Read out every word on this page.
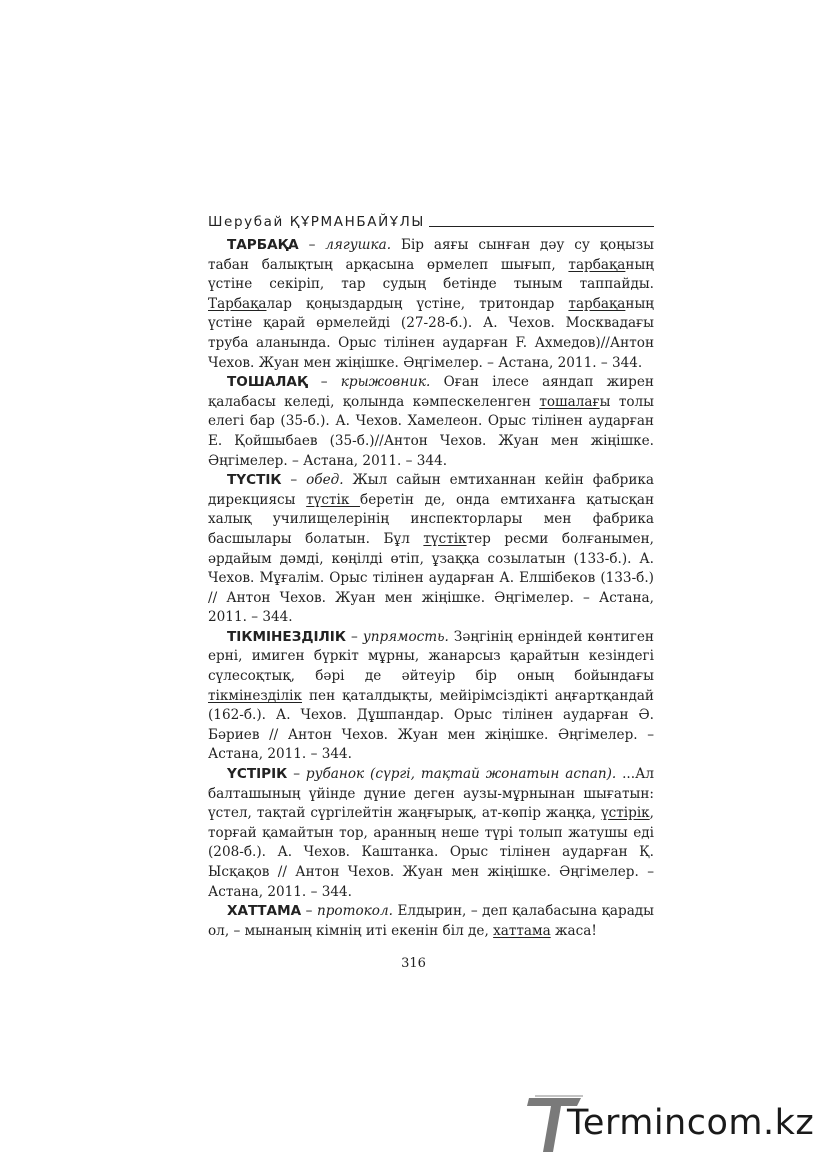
Шерубай ҚҰРМАНБАЙҰЛЫ

ТАРБАҚА – лягушка. Бір аяғы сынған дәу су қоңызы табан балықтың арқасына өрмелеп шығып, тарбақаның үстіне секіріп, тар судың бетінде тыным таппайды. Тарбақалар қоңыздардың үстіне, тритондар тарбақаның үстіне қарай өрмелейді (27-28-б.). А. Чехов. Москвадағы труба аланында. Орыс тілінен аударған F. Ахмедов)//Антон Чехов. Жуан мен жіңішке. Әңгімелер. – Астана, 2011. – 344.

ТОШАЛАҚ – крыжовник. Оған ілесе аяндап жирен қалабасы келеді, қолында кәмпескеленген тошалағы толы елегі бар (35-б.). А. Чехов. Хамелеон. Орыс тілінен аударған Е. Қойшыбаев (35-б.)//Антон Чехов. Жуан мен жіңішке. Әңгімелер. – Астана, 2011. – 344.

ТҮСТІК – обед. Жыл сайын емтиханнан кейін фабрика дирекциясы түстік беретін де, онда емтиханға қатысқан халық училищелерінің инспекторлары мен фабрика басшылары болатын. Бұл түстіктер ресми болғанымен, әрдайым дәмді, көңілді өтіп, ұзаққа созылатын (133-б.). А. Чехов. Мұғалім. Орыс тілінен аударған А. Елшібеков (133-б.) // Антон Чехов. Жуан мен жіңішке. Әңгімелер. – Астана, 2011. – 344.

ТІКМІНЕЗДІЛІК – упрямость. Зәңгінің ерніндей көнтиген ерні, имиген бүркіт мұрны, жанарсыз қарайтын кезіндегі сүлесоқтық, бәрі де әйтеуір бір оның бойындағы тікмінезділік пен қаталдықты, мейірімсіздікті аңғартқандай (162-б.). А. Чехов. Дұшпандар. Орыс тілінен аударған Ә. Бәриев // Антон Чехов. Жуан мен жіңішке. Әңгімелер. – Астана, 2011. – 344.

ҮСТІРІК – рубанок (сүргі, тақтай жонатын аспап). ...Ал балташының үйінде дүние деген аузы-мұрнынан шығатын: үстел, тақтай сүргілейтін жаңғырық, ат-көпір жаңқа, үстірік, торғай қамайтын тор, аранның неше түрі толып жатушы еді (208-б.). А. Чехов. Каштанка. Орыс тілінен аударған Қ. Ысқақов // Антон Чехов. Жуан мен жіңішке. Әңгімелер. – Астана, 2011. – 344.

ХАТТАМА – протокол. Елдырин, – деп қалабасына қарады ол, – мынаның кімнің иті екенін біл де, хаттама жаса!

316
Termincom.kz
